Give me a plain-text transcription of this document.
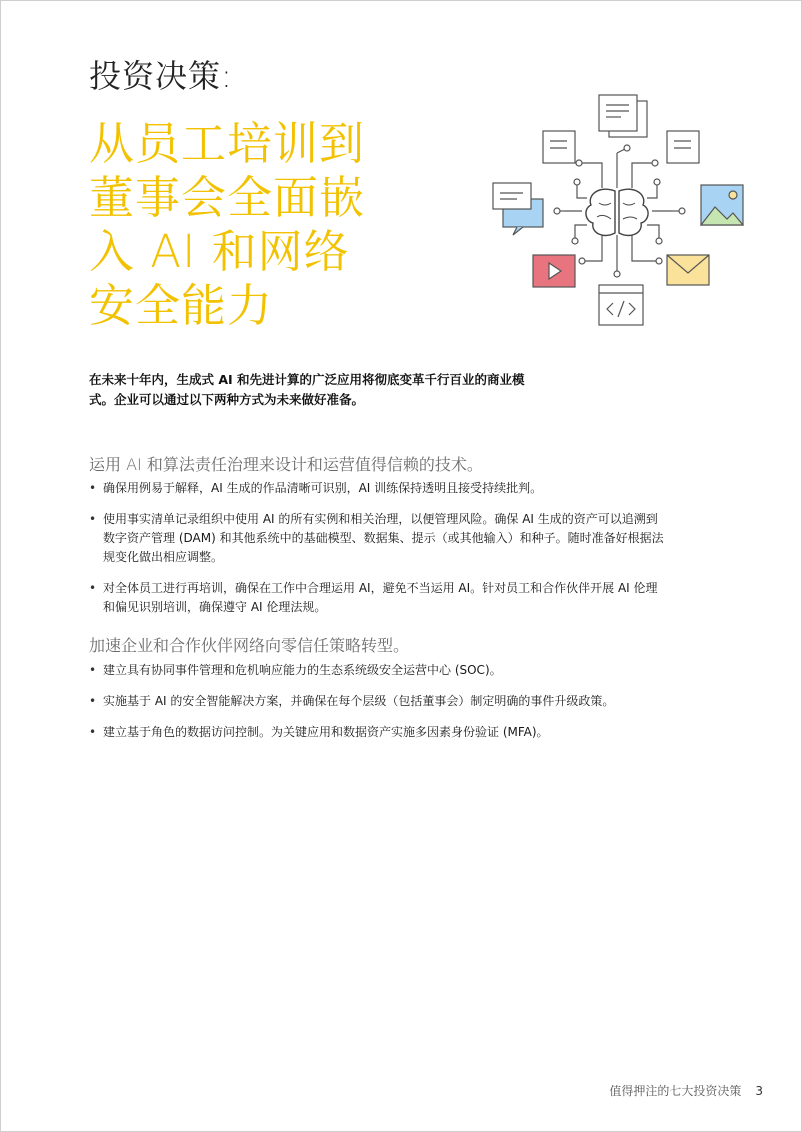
投资决策:
从员工培训到
董事会全面嵌
入 AI 和网络
安全能力
在未来十年内，生成式 AI 和先进计算的广泛应用将彻底变革千行百业的商业模式。企业可以通过以下两种方式为未来做好准备。
运用 AI 和算法责任治理来设计和运营值得信赖的技术。
• 确保用例易于解释，AI 生成的作品清晰可识别，AI 训练保持透明且接受持续批判。
• 使用事实清单记录组织中使用 AI 的所有实例和相关治理，以便管理风险。确保 AI 生成的资产可以追溯到数字资产管理 (DAM) 和其他系统中的基础模型、数据集、提示（或其他输入）和种子。随时准备好根据法规变化做出相应调整。
• 对全体员工进行再培训，确保在工作中合理运用 AI，避免不当运用 AI。针对员工和合作伙伴开展 AI 伦理和偏见识别培训，确保遵守 AI 伦理法规。
加速企业和合作伙伴网络向零信任策略转型。
• 建立具有协同事件管理和危机响应能力的生态系统级安全运营中心 (SOC)。
• 实施基于 AI 的安全智能解决方案，并确保在每个层级（包括董事会）制定明确的事件升级政策。
• 建立基于角色的数据访问控制。为关键应用和数据资产实施多因素身份验证 (MFA)。
值得押注的七大投资决策 3
